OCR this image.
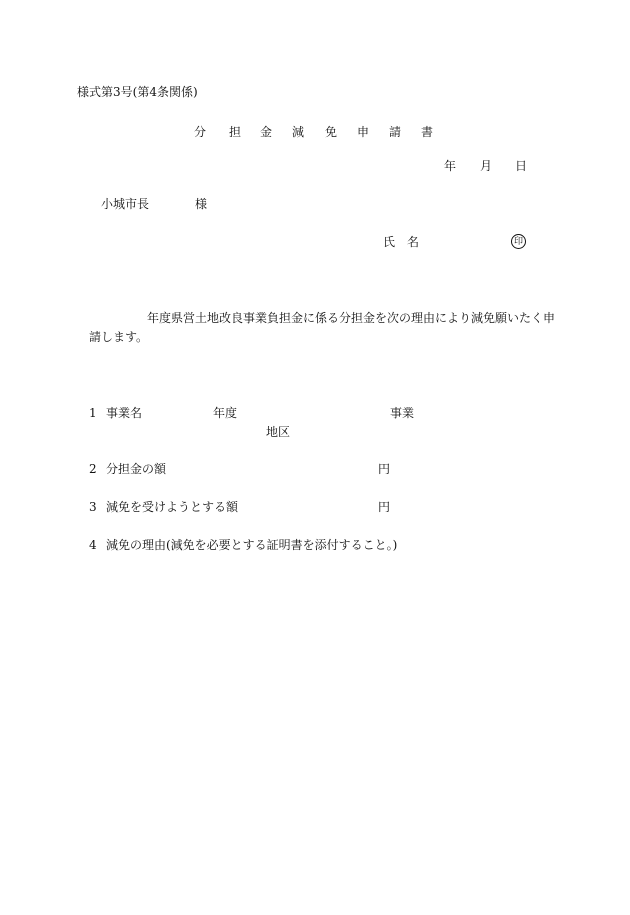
様式第3号(第4条関係)
分 担 金 減 免 申 請 書
年 月 日
小城市長	様
氏 名	印
年度県営土地改良事業負担金に係る分担金を次の理由により減免願いたく申
請します。
1 事業名	年度	事業
地区
2 分担金の額	円
3 減免を受けようとする額	円
4 減免の理由(減免を必要とする証明書を添付すること。)
